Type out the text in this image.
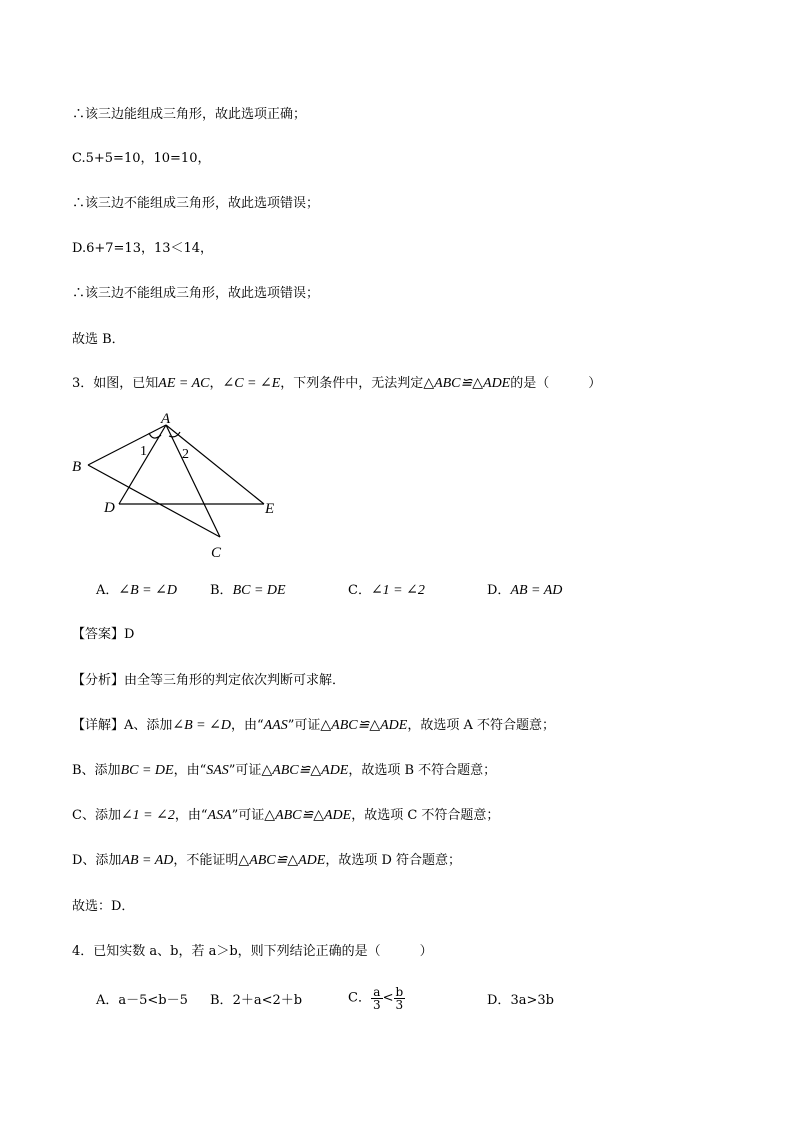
∴该三边能组成三角形，故此选项正确；
C.5+5=10，10=10，
∴该三边不能组成三角形，故此选项错误；
D.6+7=13，13＜14，
∴该三边不能组成三角形，故此选项错误；
故选 B．
3．如图，已知AE = AC，∠C = ∠E，下列条件中，无法判定△ABC≌△ADE的是（　　　）
A
B
C
D	E
1	2
A．∠B = ∠D	B．BC = DE	C．∠1 = ∠2	D．AB = AD
【答案】D
【分析】由全等三角形的判定依次判断可求解．
【详解】A、添加∠B = ∠D，由“AAS”可证△ABC≌△ADE，故选项 A 不符合题意；
B、添加BC = DE，由“SAS”可证△ABC≌△ADE，故选项 B 不符合题意；
C、添加∠1 = ∠2，由“ASA”可证△ABC≌△ADE，故选项 C 不符合题意；
D、添加AB = AD，不能证明△ABC≌△ADE，故选项 D 符合题意；
故选：D．
4．已知实数 a、b，若 a＞b，则下列结论正确的是（　　　）
A．a－5<b－5 B．2＋a<2＋b	C． $\frac{a}{3} < \frac{b}{3}$	D．3a>3b
